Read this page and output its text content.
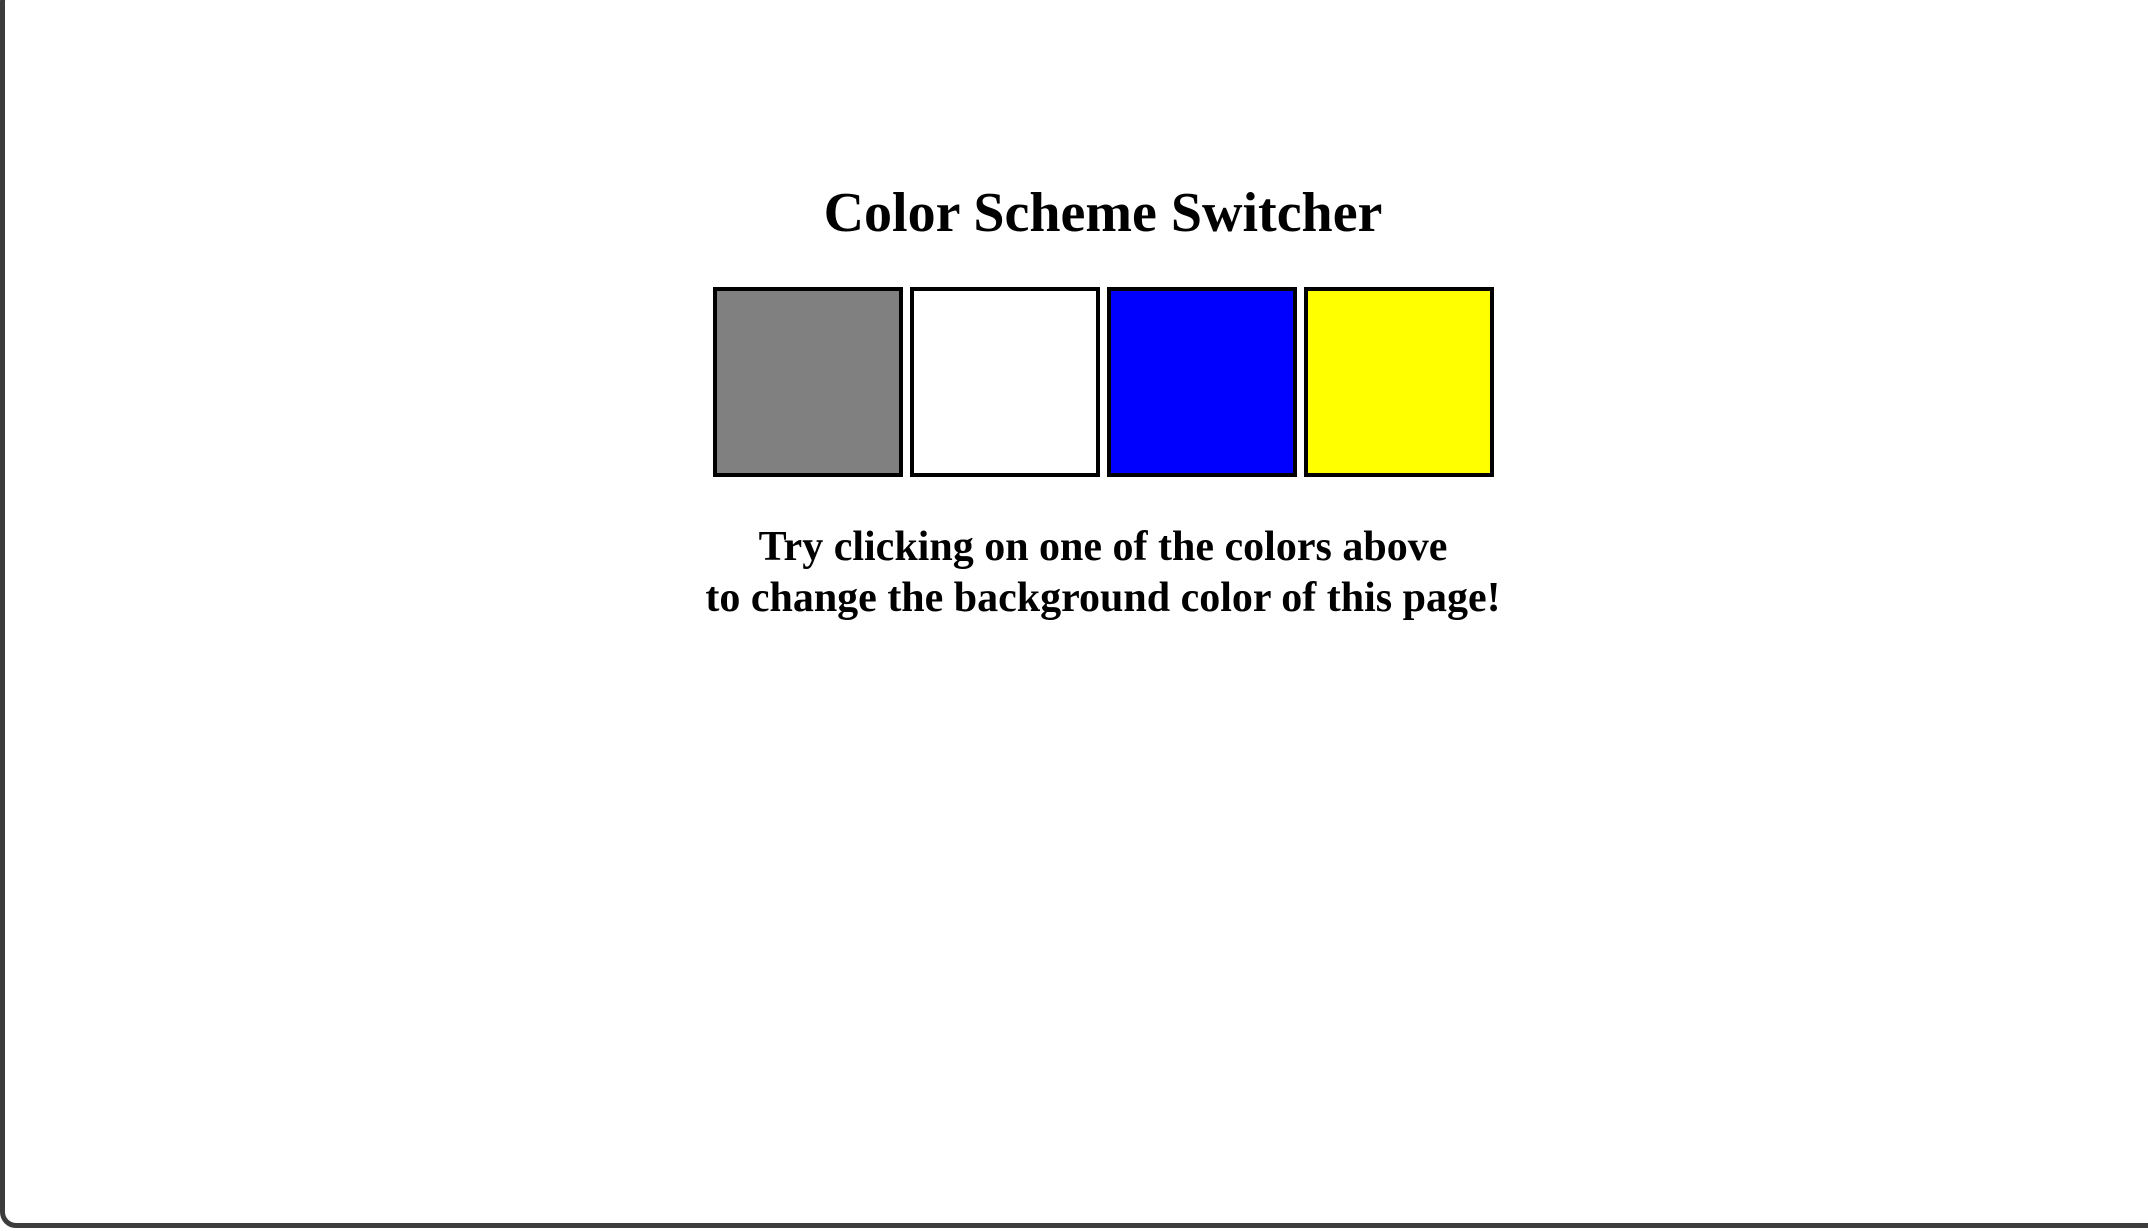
Color Scheme Switcher

Try clicking on one of the colors above
to change the background color of this page!
